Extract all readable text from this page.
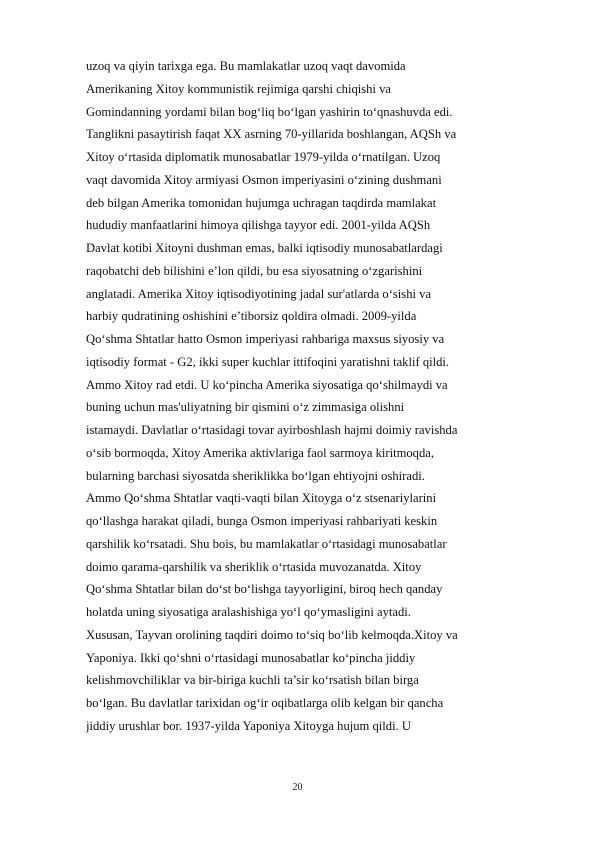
uzoq va qiyin tarixga ega. Bu mamlakatlar uzoq vaqt davomida
Amerikaning Xitoy kommunistik rejimiga qarshi chiqishi va
Gomindanning yordami bilan bog‘liq bo‘lgan yashirin to‘qnashuvda edi.
Tanglikni pasaytirish faqat XX asrning 70-yillarida boshlangan, AQSh va
Xitoy o‘rtasida diplomatik munosabatlar 1979-yilda o‘rnatilgan. Uzoq
vaqt davomida Xitoy armiyasi Osmon imperiyasini o‘zining dushmani
deb bilgan Amerika tomonidan hujumga uchragan taqdirda mamlakat
hududiy manfaatlarini himoya qilishga tayyor edi. 2001-yilda AQSh
Davlat kotibi Xitoyni dushman emas, balki iqtisodiy munosabatlardagi
raqobatchi deb bilishini e’lon qildi, bu esa siyosatning o‘zgarishini
anglatadi. Amerika Xitoy iqtisodiyotining jadal sur'atlarda o‘sishi va
harbiy qudratining oshishini e’tiborsiz qoldira olmadi. 2009-yilda
Qo‘shma Shtatlar hatto Osmon imperiyasi rahbariga maxsus siyosiy va
iqtisodiy format - G2, ikki super kuchlar ittifoqini yaratishni taklif qildi.
Ammo Xitoy rad etdi. U ko‘pincha Amerika siyosatiga qo‘shilmaydi va
buning uchun mas'uliyatning bir qismini o‘z zimmasiga olishni
istamaydi. Davlatlar o‘rtasidagi tovar ayirboshlash hajmi doimiy ravishda
o‘sib bormoqda, Xitoy Amerika aktivlariga faol sarmoya kiritmoqda,
bularning barchasi siyosatda sheriklikka bo‘lgan ehtiyojni oshiradi.
Ammo Qo‘shma Shtatlar vaqti-vaqti bilan Xitoyga o‘z stsenariylarini
qo‘llashga harakat qiladi, bunga Osmon imperiyasi rahbariyati keskin
qarshilik ko‘rsatadi. Shu bois, bu mamlakatlar o‘rtasidagi munosabatlar
doimo qarama-qarshilik va sheriklik o‘rtasida muvozanatda. Xitoy
Qo‘shma Shtatlar bilan do‘st bo‘lishga tayyorligini, biroq hech qanday
holatda uning siyosatiga aralashishiga yo‘l qo‘ymasligini aytadi.
Xususan, Tayvan orolining taqdiri doimo to‘siq bo‘lib kelmoqda.Xitoy va
Yaponiya. Ikki qo‘shni o‘rtasidagi munosabatlar ko‘pincha jiddiy
kelishmovchiliklar va bir-biriga kuchli ta’sir ko‘rsatish bilan birga
bo‘lgan. Bu davlatlar tarixidan og‘ir oqibatlarga olib kelgan bir qancha
jiddiy urushlar bor. 1937-yilda Yaponiya Xitoyga hujum qildi. U
20
